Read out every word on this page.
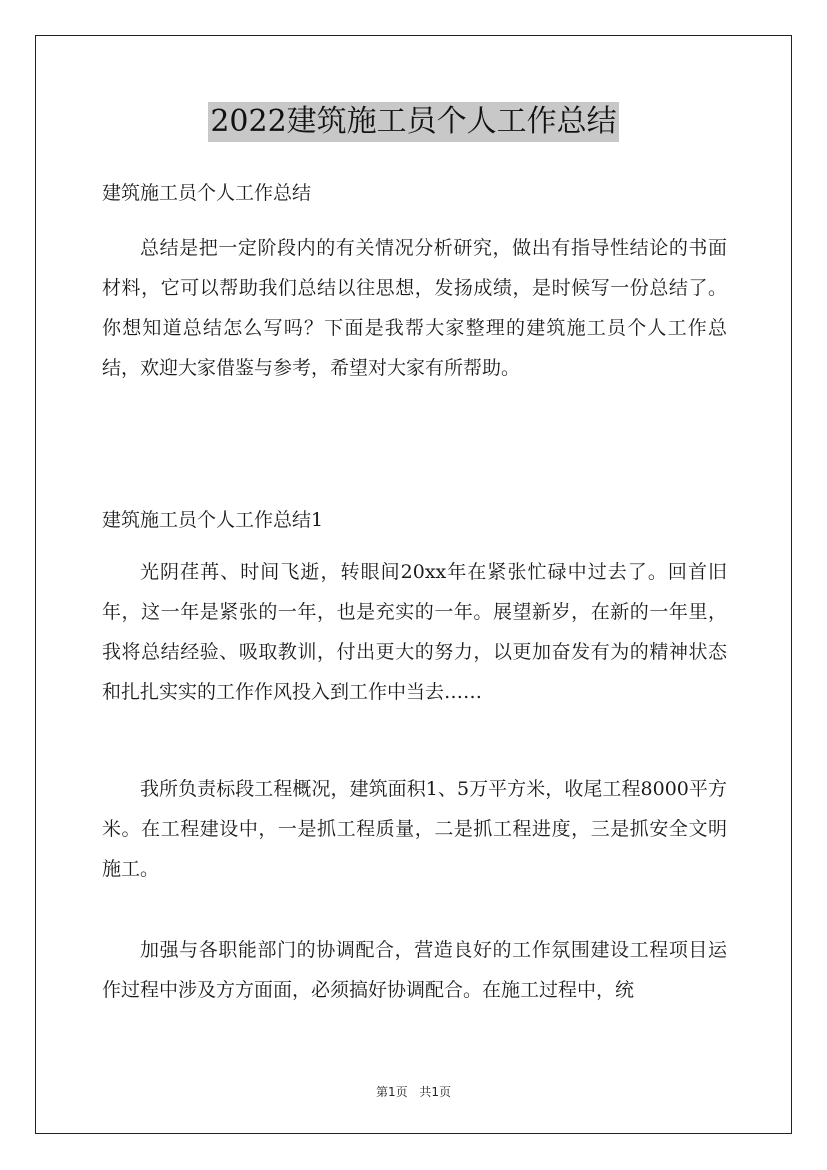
2022建筑施工员个人工作总结
建筑施工员个人工作总结
总结是把一定阶段内的有关情况分析研究，做出有指导性结论的书面材料，它可以帮助我们总结以往思想，发扬成绩，是时候写一份总结了。你想知道总结怎么写吗？下面是我帮大家整理的建筑施工员个人工作总结，欢迎大家借鉴与参考，希望对大家有所帮助。
建筑施工员个人工作总结1
光阴荏苒、时间飞逝，转眼间20xx年在紧张忙碌中过去了。回首旧年，这一年是紧张的一年，也是充实的一年。展望新岁，在新的一年里，我将总结经验、吸取教训，付出更大的努力，以更加奋发有为的精神状态和扎扎实实的工作作风投入到工作中当去……
我所负责标段工程概况，建筑面积1、5万平方米，收尾工程8000平方米。在工程建设中，一是抓工程质量，二是抓工程进度，三是抓安全文明施工。
加强与各职能部门的协调配合，营造良好的工作氛围建设工程项目运作过程中涉及方方面面，必须搞好协调配合。在施工过程中，统
第1页 共1页
